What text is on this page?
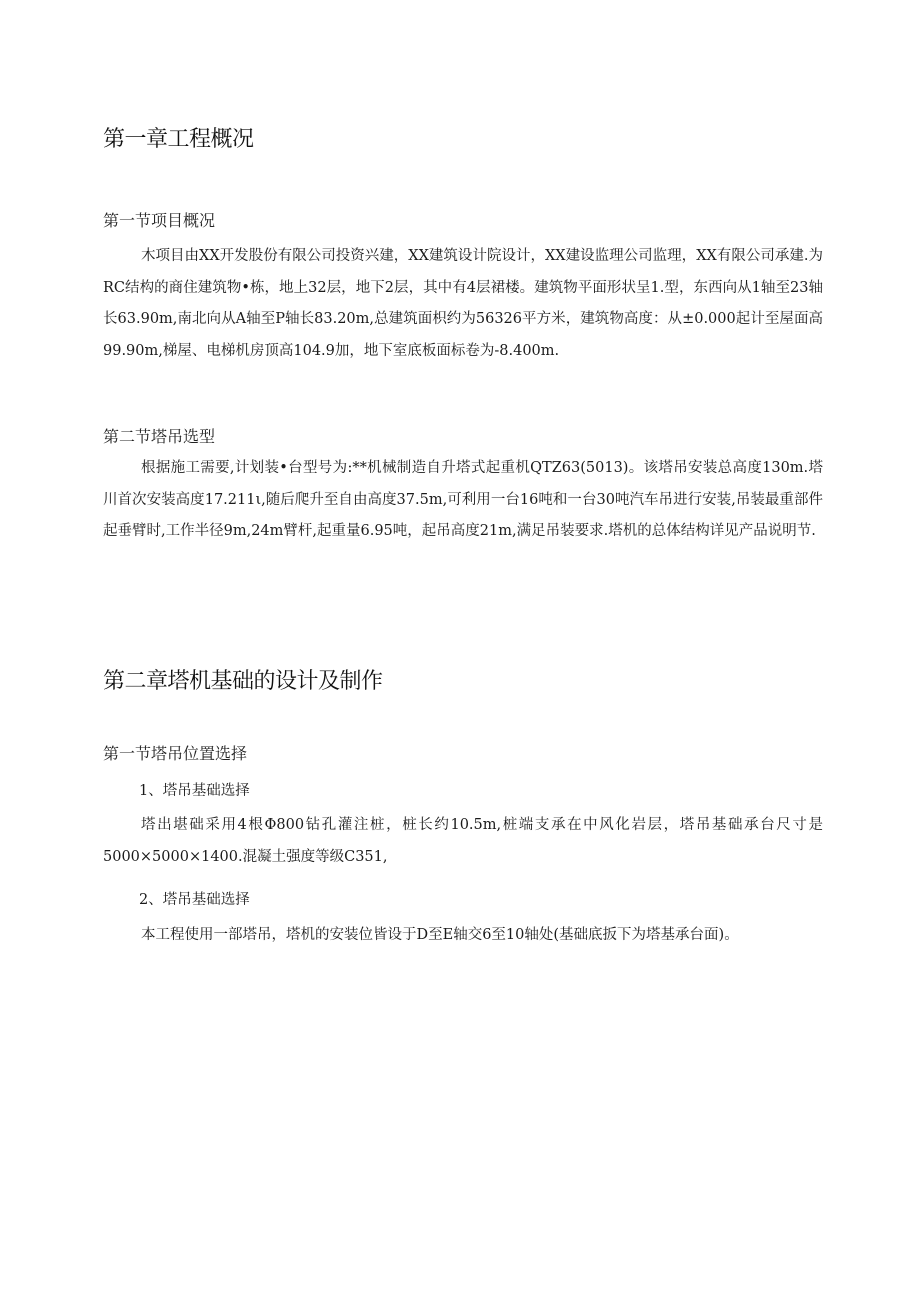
第一章工程概况
第一节项目概况

木项目由XX开发股份有限公司投资兴建，XX建筑设计院设计，XX建设监理公司监理，XX有限公司承建.为RC结构的商住建筑物•栋，地上32层，地下2层，其中有4层裙楼。建筑物平面形状呈1.型，东西向从1轴至23轴长63.90m,南北向从A轴至P轴长83.20m,总建筑面枳约为56326平方米，建筑物高度：从±0.000起计至屋面高99.90m,梯屋、电梯机房顶高104.9加，地下室底板面标卷为-8.400m.

第二节塔吊选型

根据施工需要,计划装•台型号为:**机械制造自升塔式起重机QTZ63(5013)。该塔吊安装总高度130m.塔川首次安装高度17.211ι,随后爬升至自由高度37.5m,可利用一台16吨和一台30吨汽车吊进行安装,吊装最重部件起垂臂时,工作半径9m,24m臂杆,起重量6.95吨，起吊高度21m,满足吊装要求.塔机的总体结构详见产品说明节.

第二章塔机基础的设计及制作
第一节塔吊位置选择

1、塔吊基础选择

塔出堪础采用4根Φ800钻孔灌注桩，桩长约10.5m,桩端支承在中风化岩层，塔吊基础承台尺寸是5000×5000×1400.混凝土强度等级C351,

2、塔吊基础选择

本工程使用一部塔吊，塔机的安装位皆设于D至E轴交6至10轴处(基础底扳下为塔基承台面)。
